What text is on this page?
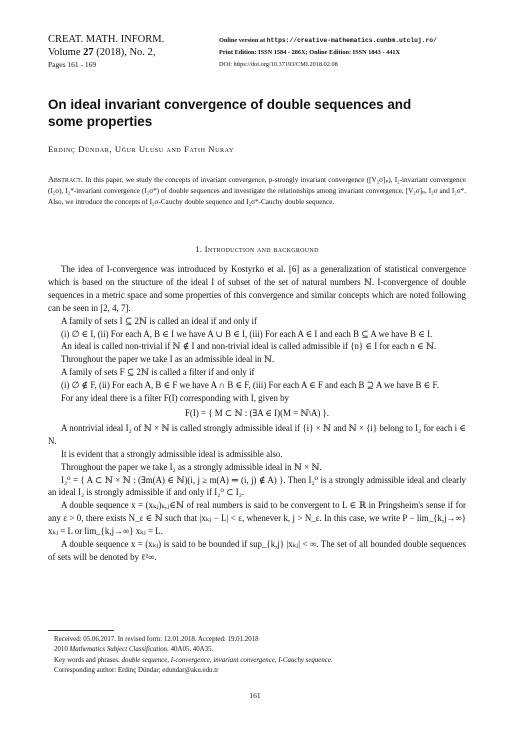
CREAT. MATH. INFORM.
Volume 27 (2018), No. 2,
Pages 161 - 169
Online version at https://creative-mathematics.cunbm.utcluj.ro/
Print Edition: ISSN 1584 - 286X; Online Edition: ISSN 1843 - 441X
DOI: https://doi.org/10.37193/CMI.2018.02.08
On ideal invariant convergence of double sequences and
some properties
Erdinç Dündar, Uğur Ulusu and Fatih Nuray
Abstract. In this paper, we study the concepts of invariant convergence, p-strongly invariant convergence ([V₂σ]ₚ), I₂-invariant convergence (I₂σ), I₂*-invariant convergence (I₂σ*) of double sequences and investigate the relationships among invariant convergence, [V₂σ]ₚ, I₂σ and I₂σ*. Also, we introduce the concepts of I₂σ-Cauchy double sequence and I₂σ*-Cauchy double sequence.
1. Introduction and background

The idea of I-convergence was introduced by Kostyrko et al. [6] as a generalization of statistical convergence which is based on the structure of the ideal I of subset of the set of natural numbers ℕ. I-convergence of double sequences in a metric space and some properties of this convergence and similar concepts which are noted following can be seen in [2, 4, 7].

A family of sets I ⊆ 2ℕ is called an ideal if and only if

(i) ∅ ∈ I, (ii) For each A, B ∈ I we have A ∪ B ∈ I, (iii) For each A ∈ I and each B ⊆ A we have B ∈ I.

An ideal is called non-trivial if ℕ ∉ I and non-trivial ideal is called admissible if {n} ∈ I for each n ∈ ℕ.

Throughout the paper we take I as an admissible ideal in ℕ.

A family of sets F ⊆ 2ℕ is called a filter if and only if

(i) ∅ ∉ F, (ii) For each A, B ∈ F we have A ∩ B ∈ F, (iii) For each A ∈ F and each B ⊇ A we have B ∈ F.

For any ideal there is a filter F(I) corresponding with I, given by

F(I) = { M ⊂ ℕ : (∃A ∈ I)(M = ℕ\A) }.

A nontrivial ideal I₂ of ℕ × ℕ is called strongly admissible ideal if {i} × ℕ and ℕ × {i} belong to I₂ for each i ∈ N.

It is evident that a strongly admissible ideal is admissible also.

Throughout the paper we take I₂ as a strongly admissible ideal in ℕ × ℕ.

I₂⁰ = { A ⊂ ℕ × ℕ : (∃m(A) ∈ ℕ)(i, j ≥ m(A) ⇒ (i, j) ∉ A) }. Then I₂⁰ is a strongly admissible ideal and clearly an ideal I₂ is strongly admissible if and only if I₂⁰ ⊂ I₂.

A double sequence x = (xₖⱼ)ₖ,ⱼ∈ℕ of real numbers is said to be convergent to L ∈ ℝ in Pringsheim's sense if for any ε > 0, there exists N_ε ∈ ℕ such that |xₖⱼ − L| < ε, whenever k, j > N_ε. In this case, we write P − lim_{k,j→∞} xₖⱼ = L or lim_{k,j→∞} xₖⱼ = L.

A double sequence x = (xₖⱼ) is said to be bounded if sup_{k,j} |xₖⱼ| < ∞. The set of all bounded double sequences of sets will be denoted by ℓ²∞.

Received: 05.06.2017. In revised form: 12.01.2018. Accepted: 19.01.2018
2010 Mathematics Subject Classification. 40A05, 40A35.
Key words and phrases. double sequence, I-convergence, invariant convergence, I-Cauchy sequence.
Corresponding author: Erdinç Dündar; edundar@aku.edu.tr
161
